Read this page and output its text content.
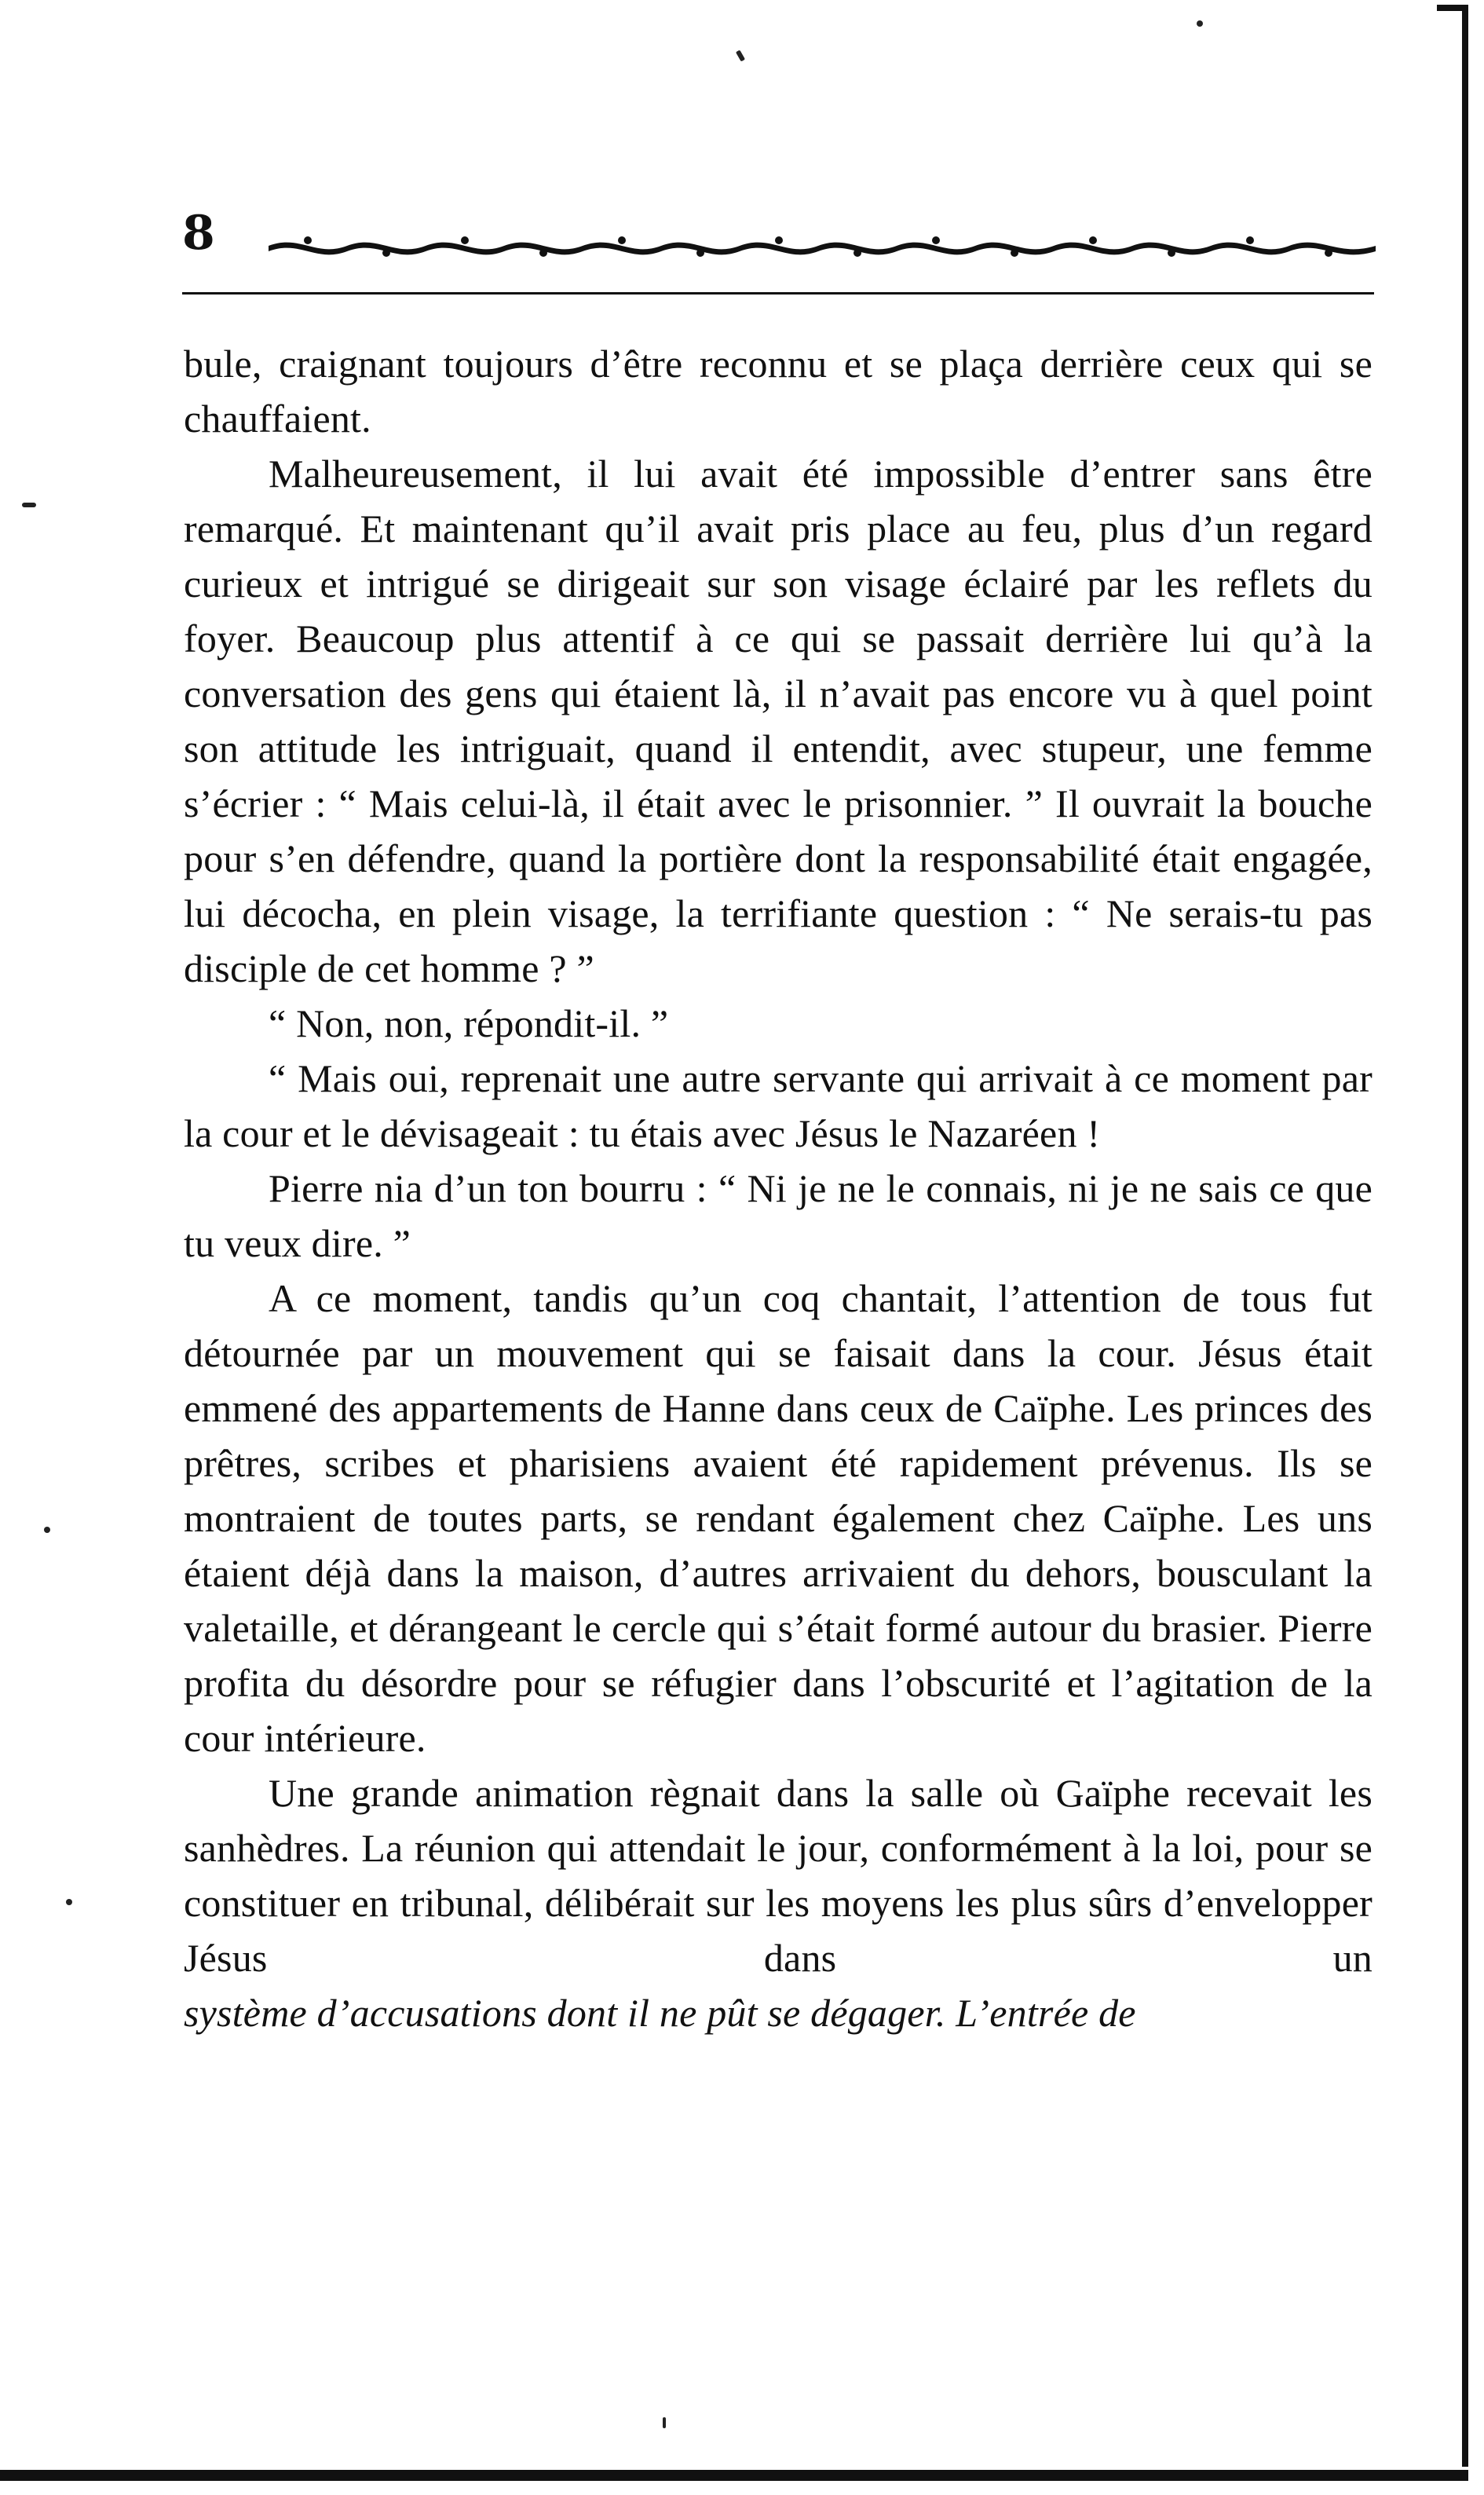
8

bule, craignant toujours d’être reconnu et se plaça derrière ceux qui se chauffaient.

Malheureusement, il lui avait été impossible d’entrer sans être remarqué. Et maintenant qu’il avait pris place au feu, plus d’un regard curieux et intrigué se dirigeait sur son visage éclairé par les reflets du foyer. Beaucoup plus attentif à ce qui se passait derrière lui qu’à la conversation des gens qui étaient là, il n’avait pas encore vu à quel point son attitude les intriguait, quand il entendit, avec stupeur, une femme s’écrier : “ Mais celui-là, il était avec le prisonnier. ” Il ouvrait la bouche pour s’en défendre, quand la portière dont la responsabilité était engagée, lui décocha, en plein visage, la terrifiante question : “ Ne serais-tu pas disciple de cet homme ? ”

“ Non, non, répondit-il. ”

“ Mais oui, reprenait une autre servante qui arrivait à ce moment par la cour et le dévisageait : tu étais avec Jésus le Nazaréen !

Pierre nia d’un ton bourru : “ Ni je ne le connais, ni je ne sais ce que tu veux dire. ”

A ce moment, tandis qu’un coq chantait, l’attention de tous fut détournée par un mouvement qui se faisait dans la cour. Jésus était emmené des appartements de Hanne dans ceux de Caïphe. Les princes des prêtres, scribes et pharisiens avaient été rapidement prévenus. Ils se montraient de toutes parts, se rendant également chez Caïphe. Les uns étaient déjà dans la maison, d’autres arrivaient du dehors, bousculant la valetaille, et dérangeant le cercle qui s’était formé autour du brasier. Pierre profita du désordre pour se réfugier dans l’obscurité et l’agitation de la cour intérieure.

Une grande animation règnait dans la salle où Gaïphe recevait les sanhèdres. La réunion qui attendait le jour, conformément à la loi, pour se constituer en tribunal, délibérait sur les moyens les plus sûrs d’envelopper Jésus dans un

système d’accusations dont il ne pût se dégager. L’entrée de
